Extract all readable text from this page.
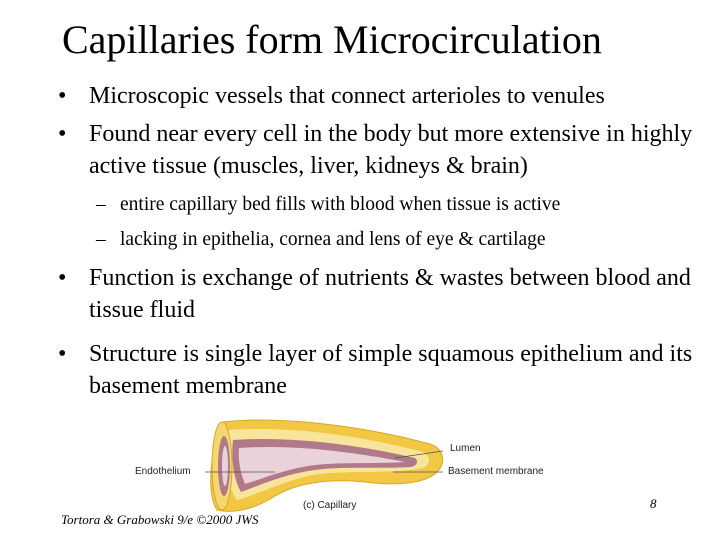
Capillaries form Microcirculation
• Microscopic vessels that connect arterioles to venules
• Found near every cell in the body but more extensive in highly active tissue (muscles, liver, kidneys & brain)
– entire capillary bed fills with blood when tissue is active
– lacking in epithelia, cornea and lens of eye & cartilage
• Function is exchange of nutrients & wastes between blood and tissue fluid
• Structure is single layer of simple squamous epithelium and its basement membrane
Lumen
Endothelium	Basement membrane
(c) Capillary	8
Tortora & Grabowski 9/e ©2000 JWS
